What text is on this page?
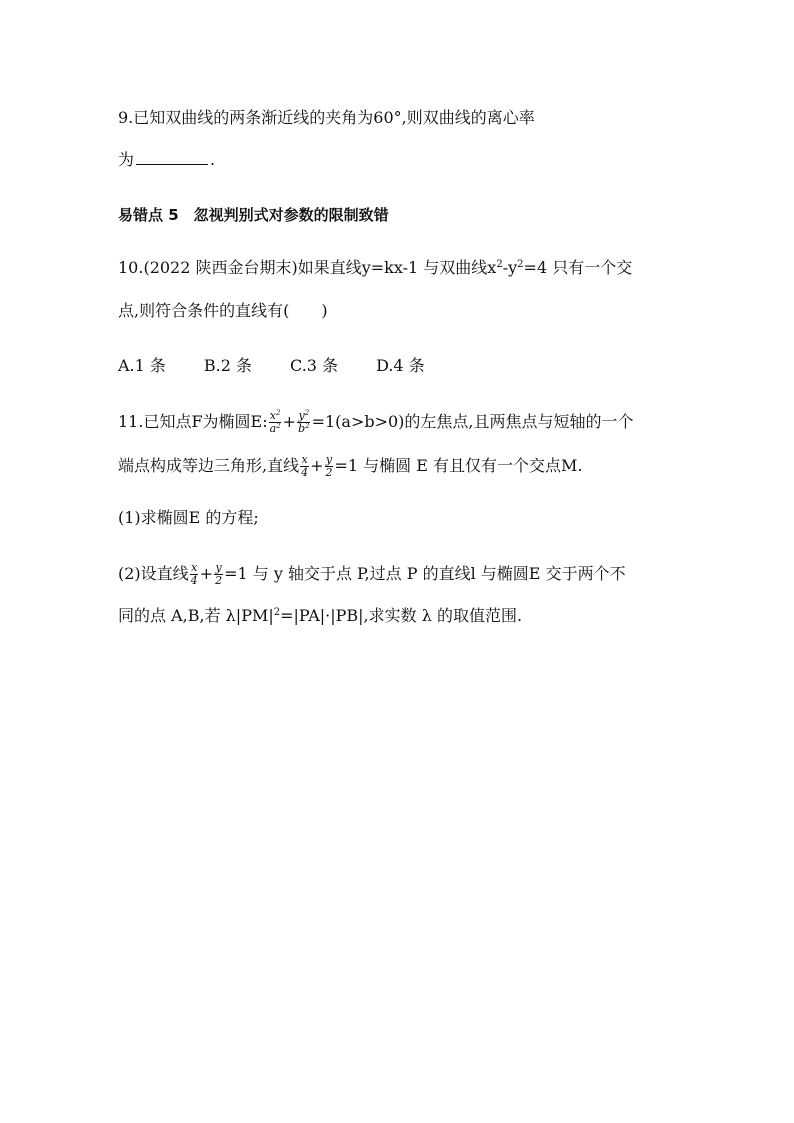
9.已知双曲线的两条渐近线的夹角为60°,则双曲线的离心率
为	.
易错点 5　忽视判别式对参数的限制致错
10.(2022 陕西金台期末)如果直线y=kx-1 与双曲线$x^2-y^2=4$ 只有一个交
点,则符合条件的直线有(　　)
A.1 条 B.2 条 C.3 条 D.4 条
11.已知点F为椭圆E: $\frac{x^2}{a^2} + \frac{y^2}{b^2} =1(a>b>0)$的左焦点,且两焦点与短轴的一个
端点构成等边三角形,直线 $\frac{x}{4} + \frac{y}{2} =1$ 与椭圆 E 有且仅有一个交点M.
(1)求椭圆E 的方程;
(2)设直线 $\frac{x}{4} + \frac{y}{2} =1$ 与 y 轴交于点 P,过点 P 的直线l 与椭圆E 交于两个不
同的点 A,B,若 $\lambda|PM|^2=|PA|\cdot|PB|$,求实数 λ 的取值范围.
